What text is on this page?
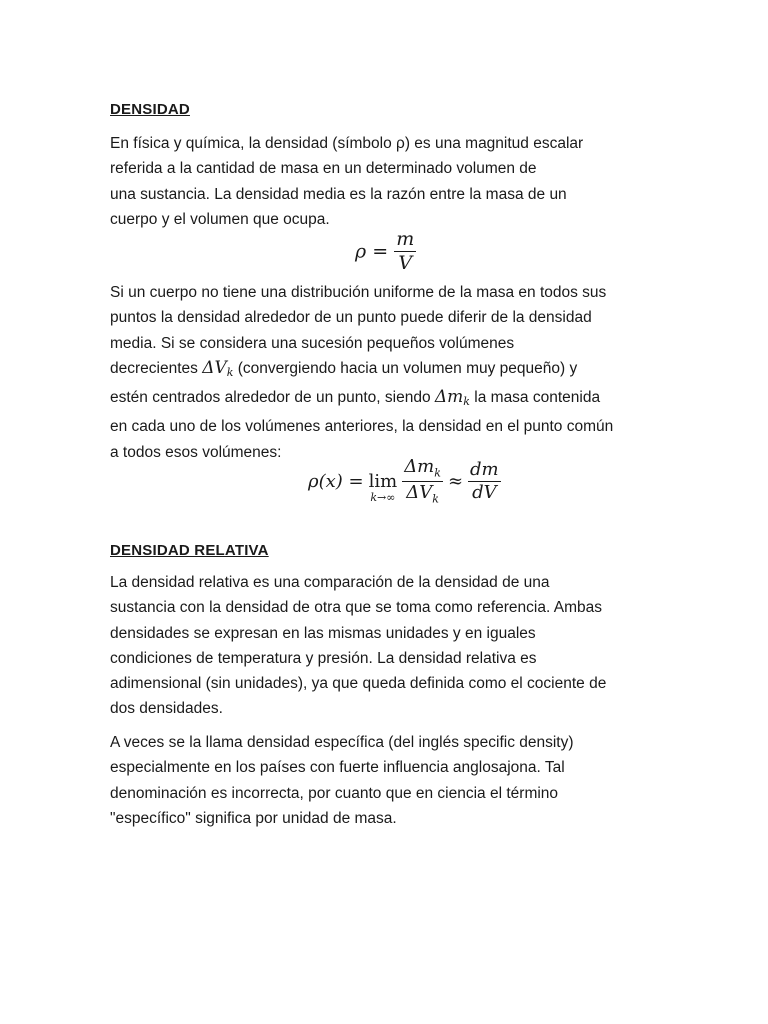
DENSIDAD

En física y química, la densidad (símbolo ρ) es una magnitud escalar
referida a la cantidad de masa en un determinado volumen de
una sustancia. La densidad media es la razón entre la masa de un
cuerpo y el volumen que ocupa.

$\rho = \frac{m}{V}$

Si un cuerpo no tiene una distribución uniforme de la masa en todos sus
puntos la densidad alrededor de un punto puede diferir de la densidad
media. Si se considera una sucesión pequeños volúmenes
decrecientes $\Delta V_k$ (convergiendo hacia un volumen muy pequeño) y
estén centrados alrededor de un punto, siendo $\Delta m_k$ la masa contenida
en cada uno de los volúmenes anteriores, la densidad en el punto común
a todos esos volúmenes:

ρ(x) = lim
$k\to\infty \frac{\Delta m_k}{\Delta V_k} \approx \frac{dm}{dV}$
DENSIDAD RELATIVA

La densidad relativa es una comparación de la densidad de una
sustancia con la densidad de otra que se toma como referencia. Ambas
densidades se expresan en las mismas unidades y en iguales
condiciones de temperatura y presión. La densidad relativa es
adimensional (sin unidades), ya que queda definida como el cociente de
dos densidades.

A veces se la llama densidad específica (del inglés specific density)
especialmente en los países con fuerte influencia anglosajona. Tal
denominación es incorrecta, por cuanto que en ciencia el término
"específico" significa por unidad de masa.
